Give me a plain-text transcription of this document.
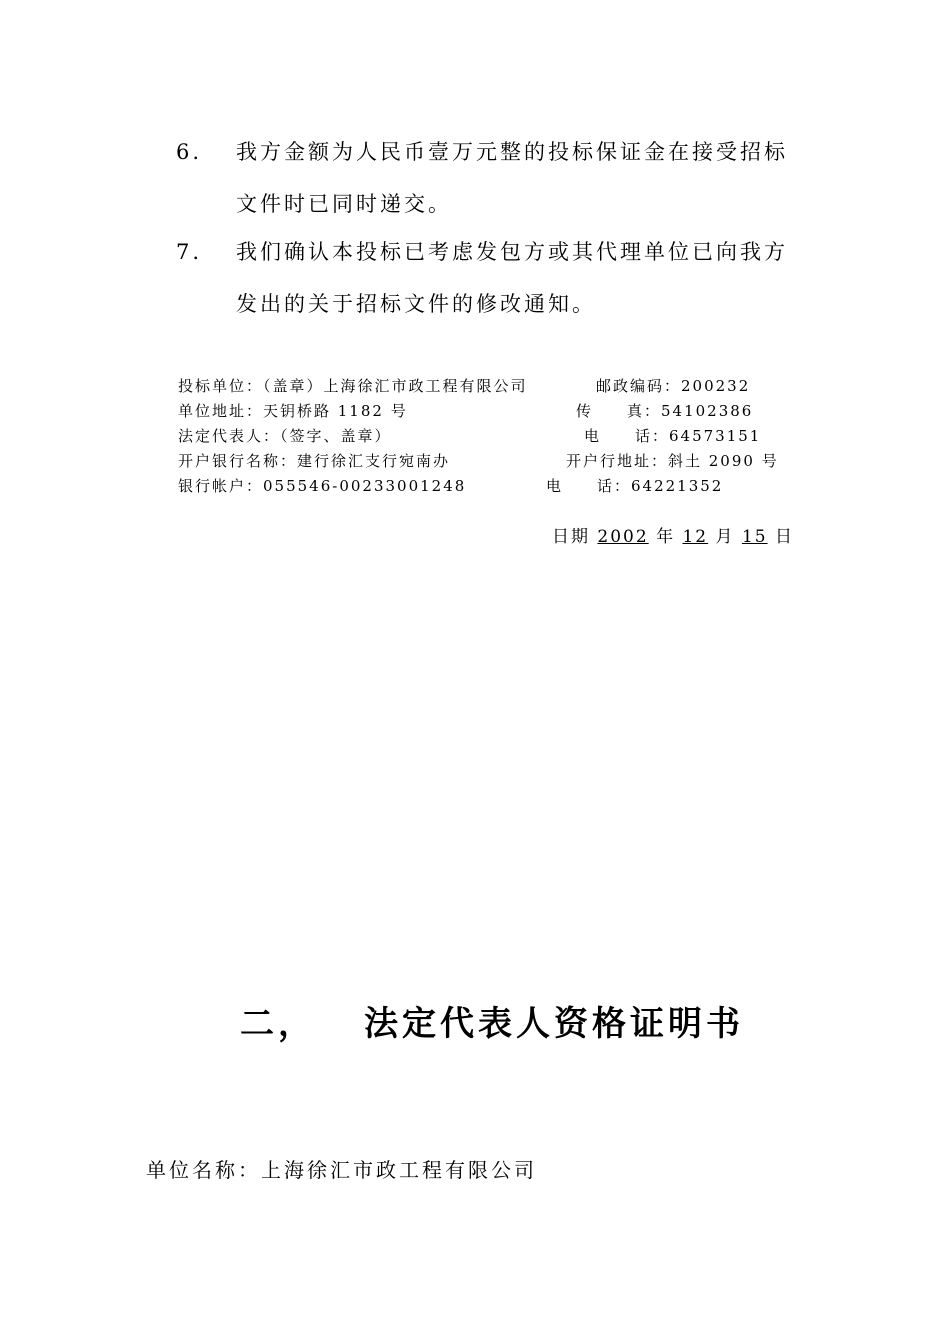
6. 我方金额为人民币壹万元整的投标保证金在接受招标
文件时已同时递交。
7. 我们确认本投标已考虑发包方或其代理单位已向我方
发出的关于招标文件的修改通知。
投标单位：（盖章）上海徐汇市政工程有限公司	邮政编码：200232
单位地址：天钥桥路 1182 号	传　　真：54102386
法定代表人：（签字、盖章）	电　　话：64573151
开户银行名称：建行徐汇支行宛南办	开户行地址：斜土 2090 号
银行帐户：055546-00233001248	电　　话：64221352
日期 2002 年 12 月 15 日
二， 法定代表人资格证明书
单位名称：上海徐汇市政工程有限公司
